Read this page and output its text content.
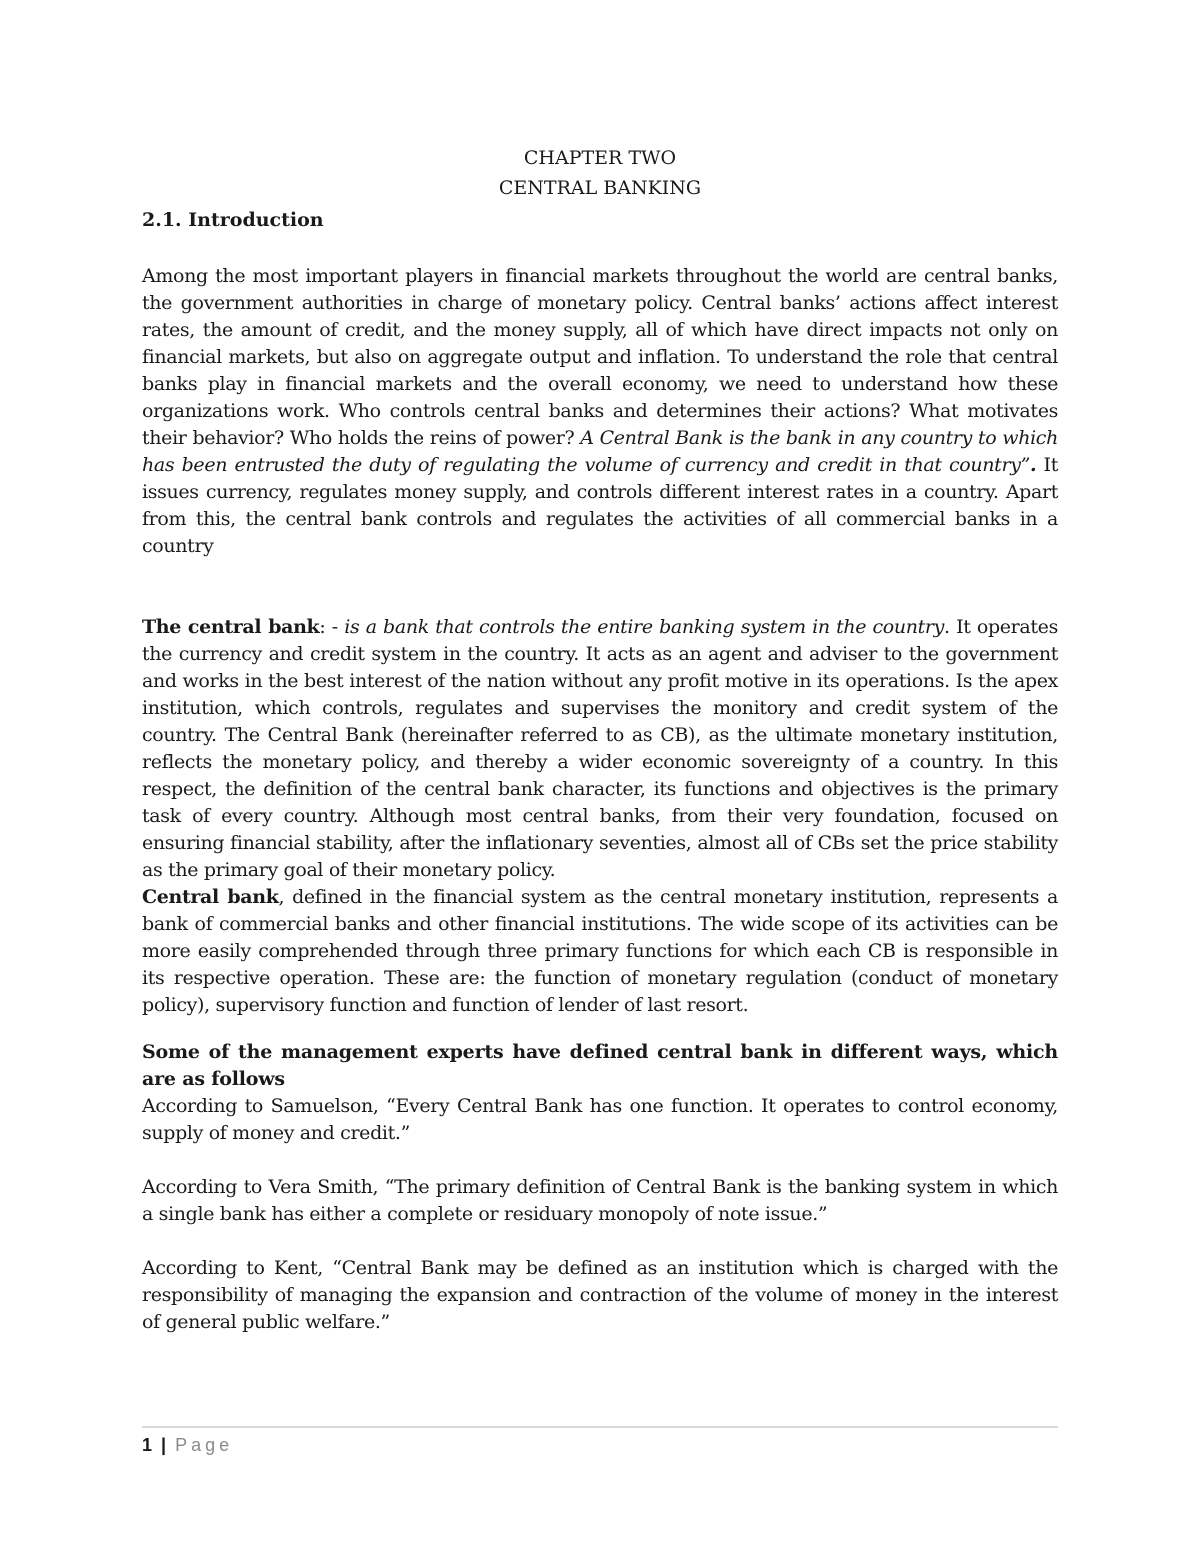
CHAPTER TWO
CENTRAL BANKING
2.1. Introduction

Among the most important players in financial markets throughout the world are central banks, the government authorities in charge of monetary policy. Central banks’ actions affect interest rates, the amount of credit, and the money supply, all of which have direct impacts not only on financial markets, but also on aggregate output and inflation. To understand the role that central banks play in financial markets and the overall economy, we need to understand how these organizations work. Who controls central banks and determines their actions? What motivates their behavior? Who holds the reins of power? A Central Bank is the bank in any country to which has been entrusted the duty of regulating the volume of currency and credit in that country”. It issues currency, regulates money supply, and controls different interest rates in a country. Apart from this, the central bank controls and regulates the activities of all commercial banks in a country

The central bank: - is a bank that controls the entire banking system in the country. It operates the currency and credit system in the country. It acts as an agent and adviser to the government and works in the best interest of the nation without any profit motive in its operations. Is the apex institution, which controls, regulates and supervises the monitory and credit system of the country. The Central Bank (hereinafter referred to as CB), as the ultimate monetary institution, reflects the monetary policy, and thereby a wider economic sovereignty of a country. In this respect, the definition of the central bank character, its functions and objectives is the primary task of every country. Although most central banks, from their very foundation, focused on ensuring financial stability, after the inflationary seventies, almost all of CBs set the price stability as the primary goal of their monetary policy.

Central bank, defined in the financial system as the central monetary institution, represents a bank of commercial banks and other financial institutions. The wide scope of its activities can be more easily comprehended through three primary functions for which each CB is responsible in its respective operation. These are: the function of monetary regulation (conduct of monetary policy), supervisory function and function of lender of last resort.

Some of the management experts have defined central bank in different ways, which are as follows

According to Samuelson, “Every Central Bank has one function. It operates to control economy, supply of money and credit.”

According to Vera Smith, “The primary definition of Central Bank is the banking system in which a single bank has either a complete or residuary monopoly of note issue.”

According to Kent, “Central Bank may be defined as an institution which is charged with the responsibility of managing the expansion and contraction of the volume of money in the interest of general public welfare.”

1 | Page
